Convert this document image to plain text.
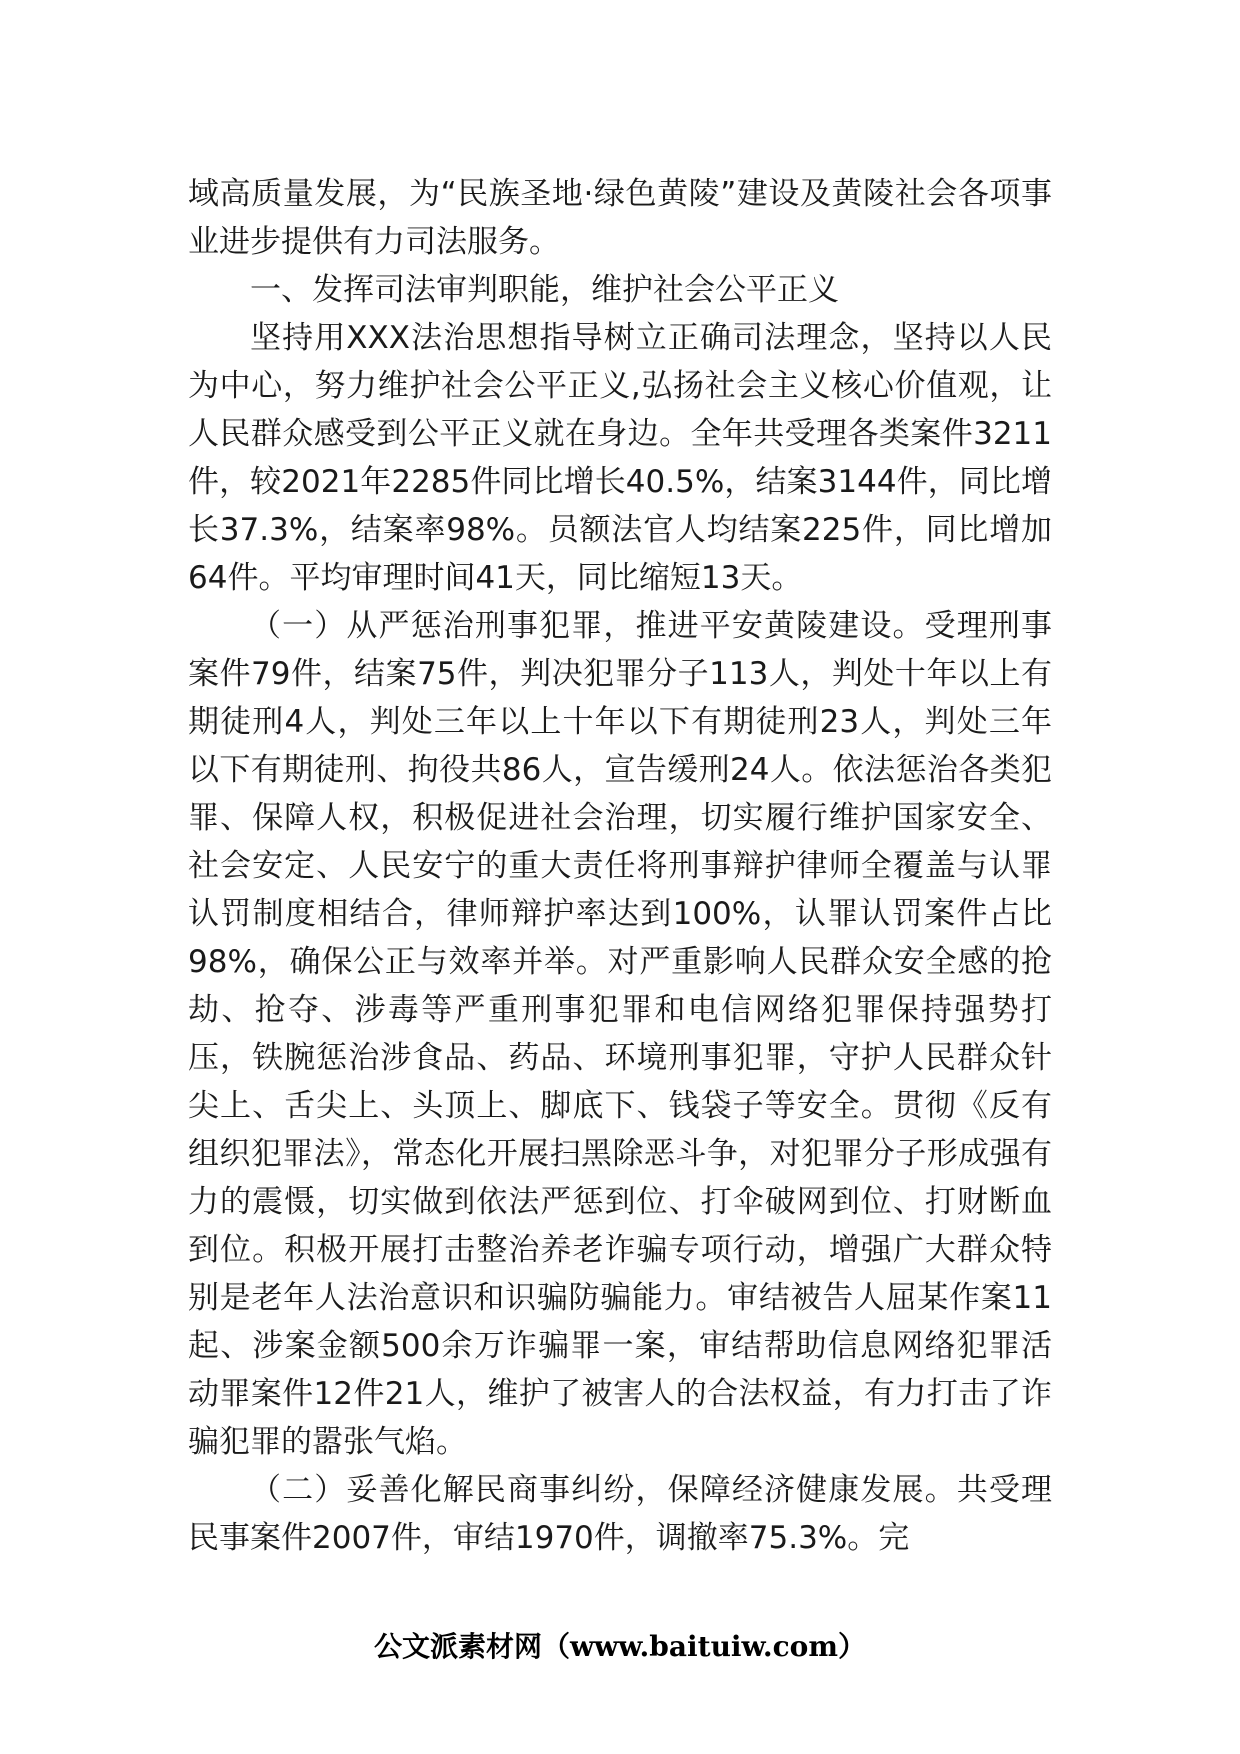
域高质量发展，为“民族圣地·绿色黄陵”建设及黄陵社会各项事业进步提供有力司法服务。

一、发挥司法审判职能，维护社会公平正义

坚持用XXX法治思想指导树立正确司法理念，坚持以人民为中心，努力维护社会公平正义,弘扬社会主义核心价值观，让人民群众感受到公平正义就在身边。全年共受理各类案件3211件，较2021年2285件同比增长40.5%，结案3144件，同比增长37.3%，结案率98%。员额法官人均结案225件，同比增加64件。平均审理时间41天，同比缩短13天。

（一）从严惩治刑事犯罪，推进平安黄陵建设。受理刑事案件79件，结案75件，判决犯罪分子113人，判处十年以上有期徒刑4人，判处三年以上十年以下有期徒刑23人，判处三年以下有期徒刑、拘役共86人，宣告缓刑24人。依法惩治各类犯罪、保障人权，积极促进社会治理，切实履行维护国家安全、社会安定、人民安宁的重大责任将刑事辩护律师全覆盖与认罪认罚制度相结合，律师辩护率达到100%，认罪认罚案件占比98%，确保公正与效率并举。对严重影响人民群众安全感的抢劫、抢夺、涉毒等严重刑事犯罪和电信网络犯罪保持强势打压，铁腕惩治涉食品、药品、环境刑事犯罪，守护人民群众针尖上、舌尖上、头顶上、脚底下、钱袋子等安全。贯彻《反有组织犯罪法》，常态化开展扫黑除恶斗争，对犯罪分子形成强有力的震慑，切实做到依法严惩到位、打伞破网到位、打财断血到位。积极开展打击整治养老诈骗专项行动，增强广大群众特别是老年人法治意识和识骗防骗能力。审结被告人屈某作案11起、涉案金额500余万诈骗罪一案，审结帮助信息网络犯罪活动罪案件12件21人，维护了被害人的合法权益，有力打击了诈骗犯罪的嚣张气焰。

（二）妥善化解民商事纠纷，保障经济健康发展。共受理民事案件2007件，审结1970件，调撤率75.3%。完

公文派素材网（www.baituiw.com）
